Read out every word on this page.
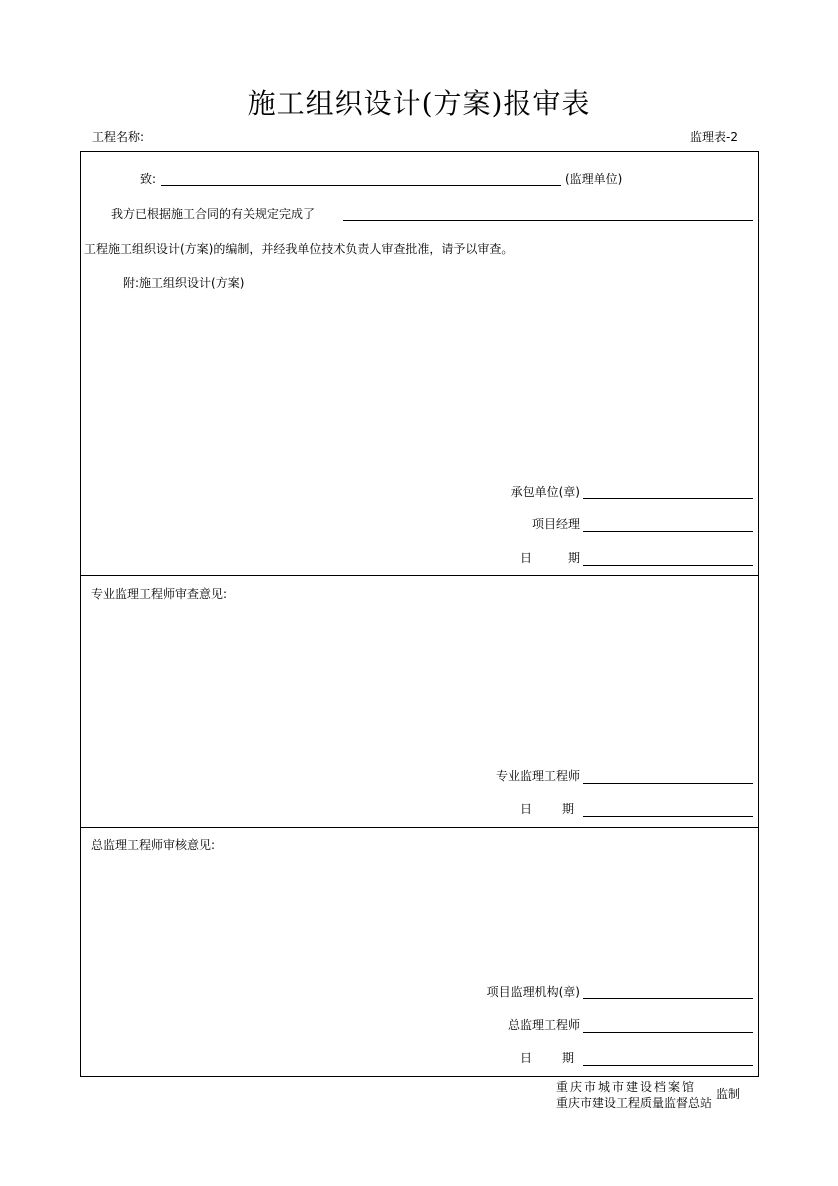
施工组织设计(方案)报审表
工程名称:	监理表-2
致:	(监理单位)
我方已根据施工合同的有关规定完成了
工程施工组织设计(方案)的编制，并经我单位技术负责人审查批准，请予以审查。
附:施工组织设计(方案)
承包单位(章)
项目经理
日	期
专业监理工程师审查意见:
专业监理工程师
日 期
总监理工程师审核意见:
项目监理机构(章)
总监理工程师
日 期
重庆市城市建设档案馆
重庆市建设工程质量监督总站
监制
